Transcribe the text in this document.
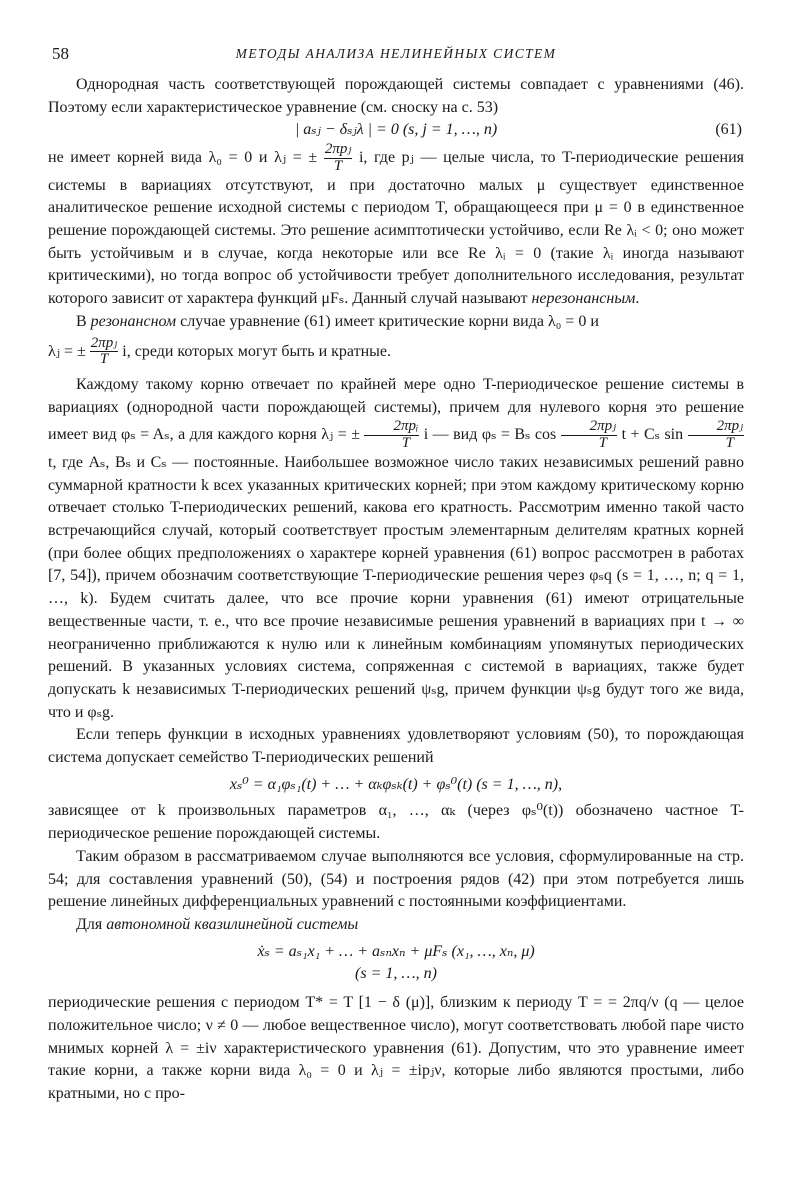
58	МЕТОДЫ АНАЛИЗА НЕЛИНЕЙНЫХ СИСТЕМ

Однородная часть соответствующей порождающей системы совпадает с уравнениями (46). Поэтому если характеристическое уравнение (см. сноску на с. 53)

| aₛⱼ − δₛⱼλ | = 0 (s, j = 1, …, n)	(61)

не имеет корней вида λ₀ = 0 и λⱼ = ± $\frac{\text{2πpⱼ}}{T} i$, где pⱼ — целые числа, то T-периодические решения системы в вариациях отсутствуют, и при достаточно малых μ существует единственное аналитическое решение исходной системы с периодом T, обращающееся при μ = 0 в единственное решение порождающей системы. Это решение асимптотически устойчиво, если Re λᵢ < 0; оно может быть устойчивым и в случае, когда некоторые или все Re λᵢ = 0 (такие λᵢ иногда называют критическими), но тогда вопрос об устойчивости требует дополнительного исследования, результат которого зависит от характера функций μFₛ. Данный случай называют нерезонансным.

В резонансном случае уравнение (61) имеет критические корни вида λ₀ = 0 и

λⱼ = ± $\frac{\text{2πpⱼ}}{T} i$, среди которых могут быть и кратные.

Каждому такому корню отвечает по крайней мере одно T-периодическое решение системы в вариациях (однородной части порождающей системы), причем для нулевого корня это решение имеет вид φₛ = Aₛ, а для каждого корня λⱼ = ± $\frac{\text{2πpᵢ}}{T}$ i — вид φₛ = Bₛ $\cos \frac{\text{2πpⱼ}}{T}$ t + Cₛ $\sin \frac{\text{2πpⱼ}}{T}$
t, где Aₛ, Bₛ и Cₛ — постоянные. Наибольшее возможное число таких независимых решений равно суммарной кратности k всех указанных критических корней; при этом каждому критическому корню отвечает столько T-периодических решений, какова его кратность. Рассмотрим именно такой часто встречающийся случай, который соответствует простым элементарным делителям кратных корней (при более общих предположениях о характере корней уравнения (61) вопрос рассмотрен в работах [7, 54]), причем обозначим соответствующие T-периодические решения через φₛq (s = 1, …, n; q = 1, …, k). Будем считать далее, что все прочие корни уравнения (61) имеют отрицательные вещественные части, т. е., что все прочие независимые решения уравнений в вариациях при t → ∞ неограниченно приближаются к нулю или к линейным комбинациям упомянутых периодических решений. В указанных условиях система, сопряженная с системой в вариациях, также будет допускать k независимых T-периодических решений ψₛg, причем функции ψₛg будут того же вида, что и φₛg.

Если теперь функции в исходных уравнениях удовлетворяют условиям (50), то порождающая система допускает семейство T-периодических решений

xₛ⁰ = α₁φₛ₁(t) + … + αₖφₛₖ(t) + φₛ⁰(t) (s = 1, …, n),

зависящее от k произвольных параметров α₁, …, αₖ (через φₛ⁰(t)) обозначено частное T-периодическое решение порождающей системы.

Таким образом в рассматриваемом случае выполняются все условия, сформулированные на стр. 54; для составления уравнений (50), (54) и построения рядов (42) при этом потребуется лишь решение линейных дифференциальных уравнений с постоянными коэффициентами.

Для автономной квазилинейной системы

ẋₛ = aₛ₁x₁ + … + aₛₙxₙ + μFₛ (x₁, …, xₙ, μ)
(s = 1, …, n)

периодические решения с периодом T* = T [1 − δ (μ)], близким к периоду T = = 2πq/ν (q — целое положительное число; ν ≠ 0 — любое вещественное число), могут соответствовать любой паре чисто мнимых корней λ = ±iν характеристического уравнения (61). Допустим, что это уравнение имеет такие корни, а также корни вида λ₀ = 0 и λⱼ = ±ipⱼν, которые либо являются простыми, либо кратными, но с про-
